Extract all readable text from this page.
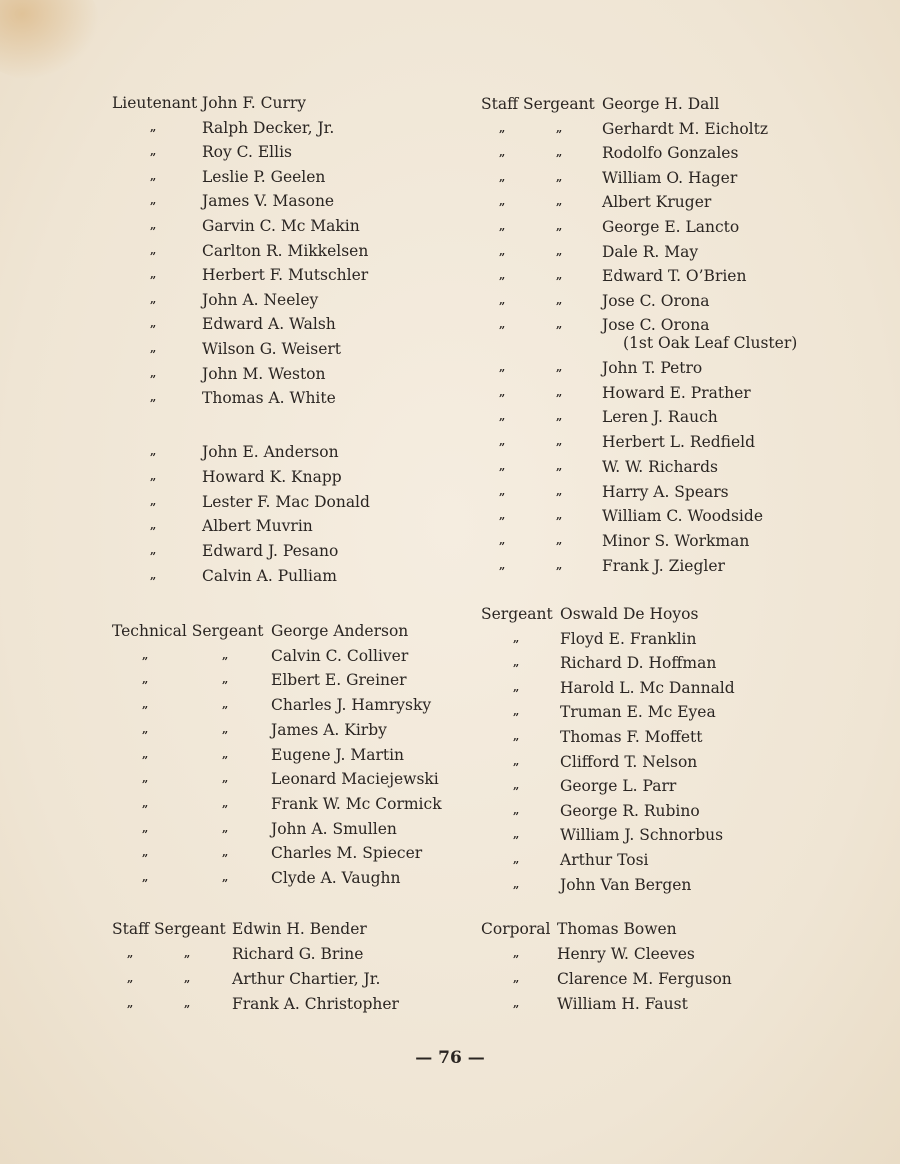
Lieutenant John F. Curry
„	Ralph Decker, Jr.
„	Roy C. Ellis
„	Leslie P. Geelen
„	James V. Masone
„	Garvin C. Mc Makin
„	Carlton R. Mikkelsen
„	Herbert F. Mutschler
„	John A. Neeley
„	Edward A. Walsh
„	Wilson G. Weisert
„	John M. Weston
„	Thomas A. White
„	John E. Anderson
„	Howard K. Knapp
„	Lester F. Mac Donald
„	Albert Muvrin
„	Edward J. Pesano
„	Calvin A. Pulliam
Technical Sergeant George Anderson
„	„	Calvin C. Colliver
„	„	Elbert E. Greiner
„	„	Charles J. Hamrysky
„	„	James A. Kirby
„	„	Eugene J. Martin
„	„	Leonard Maciejewski
„	„	Frank W. Mc Cormick
„	„	John A. Smullen
„	„	Charles M. Spiecer
„	„	Clyde A. Vaughn
Staff Sergeant Edwin H. Bender
„	„	Richard G. Brine
„	„	Arthur Chartier, Jr.
„	„	Frank A. Christopher
Staff Sergeant George H. Dall
„	„	Gerhardt M. Eicholtz
„	„	Rodolfo Gonzales
„	„	William O. Hager
„	„	Albert Kruger
„	„	George E. Lancto
„	„	Dale R. May
„	„	Edward T. O’Brien
„	„	Jose C. Orona
„	„	Jose C. Orona
(1st Oak Leaf Cluster)
„	„	John T. Petro
„	„	Howard E. Prather
„	„	Leren J. Rauch
„	„	Herbert L. Redfield
„	„	W. W. Richards
„	„	Harry A. Spears
„	„	William C. Woodside
„	„	Minor S. Workman
„	„	Frank J. Ziegler
Sergeant Oswald De Hoyos
„	Floyd E. Franklin
„	Richard D. Hoffman
„	Harold L. Mc Dannald
„	Truman E. Mc Eyea
„	Thomas F. Moffett
„	Clifford T. Nelson
„	George L. Parr
„	George R. Rubino
„	William J. Schnorbus
„	Arthur Tosi
„	John Van Bergen
Corporal Thomas Bowen
„ Henry W. Cleeves
„ Clarence M. Ferguson
„ William H. Faust
— 76 —
